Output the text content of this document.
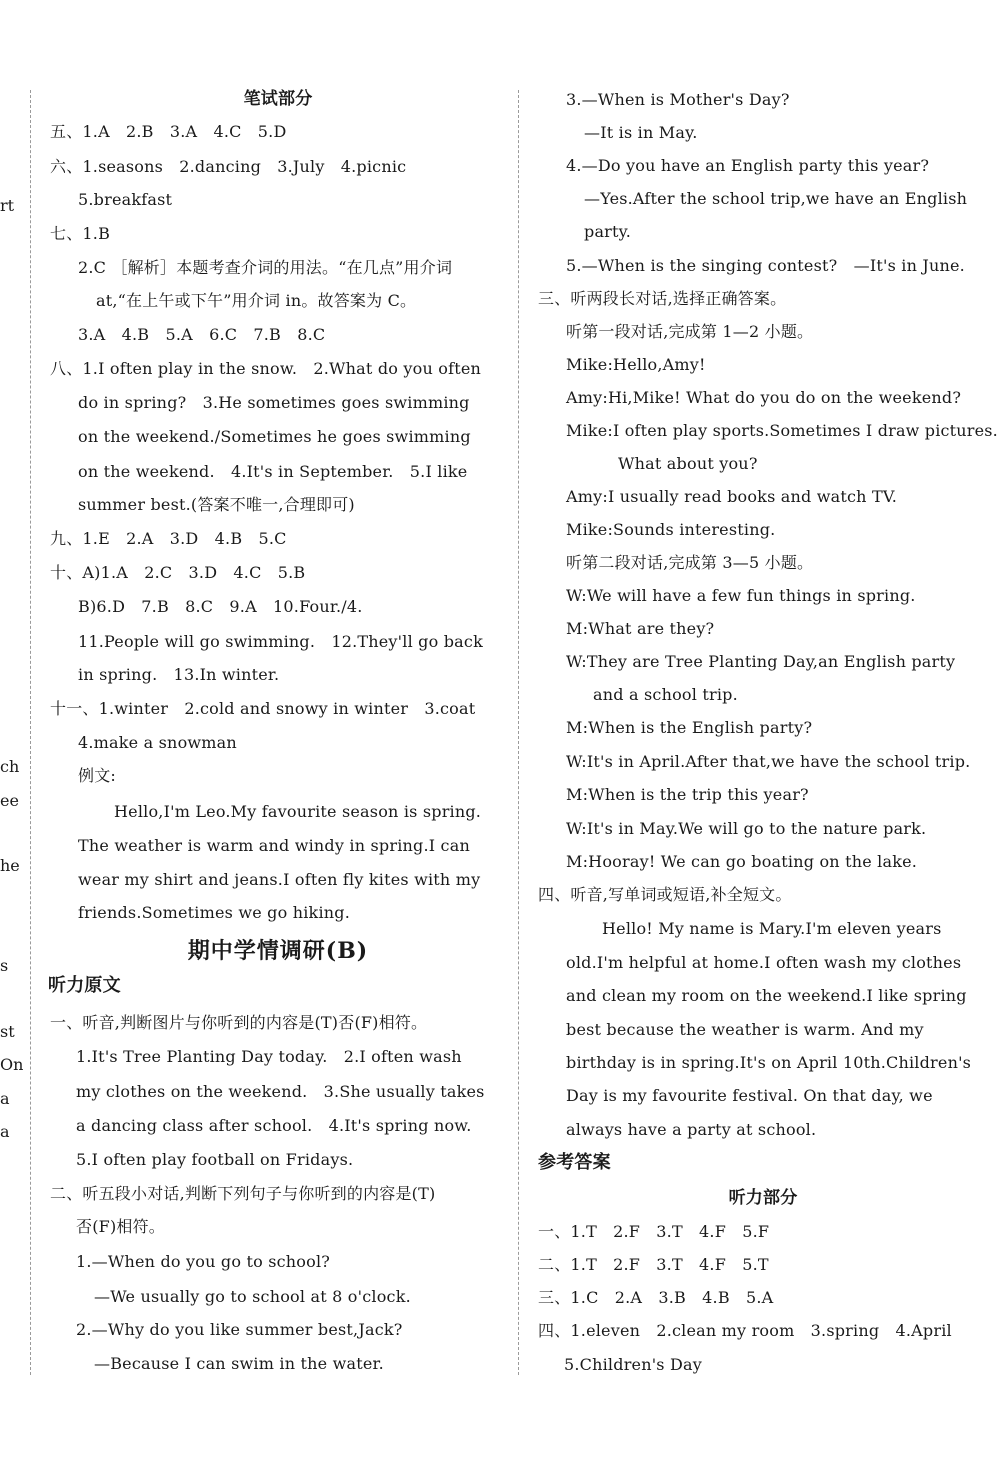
rt
ch
ee
he
s
st
On
a
a
笔试部分
五、1.A　2.B　3.A　4.C　5.D
六、1.seasons　2.dancing　3.July　4.picnic
5.breakfast
七、1.B
2.C ［解析］本题考查介词的用法。“在几点”用介词
at,“在上午或下午”用介词 in。故答案为 C。
3.A　4.B　5.A　6.C　7.B　8.C
八、1.I often play in the snow.　2.What do you often
do in spring?　3.He sometimes goes swimming
on the weekend./Sometimes he goes swimming
on the weekend.　4.It's in September.　5.I like
summer best.(答案不唯一,合理即可)
九、1.E　2.A　3.D　4.B　5.C
十、A)1.A　2.C　3.D　4.C　5.B
B)6.D　7.B　8.C　9.A　10.Four./4.
11.People will go swimming.　12.They'll go back
in spring.　13.In winter.
十一、1.winter　2.cold and snowy in winter　3.coat
4.make a snowman
例文:
Hello,I'm Leo.My favourite season is spring.
The weather is warm and windy in spring.I can
wear my shirt and jeans.I often fly kites with my
friends.Sometimes we go hiking.
期中学情调研(B)
听力原文
一、听音,判断图片与你听到的内容是(T)否(F)相符。
1.It's Tree Planting Day today.　2.I often wash
my clothes on the weekend.　3.She usually takes
a dancing class after school.　4.It's spring now.
5.I often play football on Fridays.
二、听五段小对话,判断下列句子与你听到的内容是(T)
否(F)相符。
1.—When do you go to school?
—We usually go to school at 8 o'clock.
2.—Why do you like summer best,Jack?
—Because I can swim in the water.
3.—When is Mother's Day?
—It is in May.
4.—Do you have an English party this year?
—Yes.After the school trip,we have an English
party.
5.—When is the singing contest?　—It's in June.
三、听两段长对话,选择正确答案。
听第一段对话,完成第 1—2 小题。
Mike:Hello,Amy!
Amy:Hi,Mike! What do you do on the weekend?
Mike:I often play sports.Sometimes I draw pictures.
What about you?
Amy:I usually read books and watch TV.
Mike:Sounds interesting.
听第二段对话,完成第 3—5 小题。
W:We will have a few fun things in spring.
M:What are they?
W:They are Tree Planting Day,an English party
and a school trip.
M:When is the English party?
W:It's in April.After that,we have the school trip.
M:When is the trip this year?
W:It's in May.We will go to the nature park.
M:Hooray! We can go boating on the lake.
四、听音,写单词或短语,补全短文。
Hello! My name is Mary.I'm eleven years
old.I'm helpful at home.I often wash my clothes
and clean my room on the weekend.I like spring
best because the weather is warm. And my
birthday is in spring.It's on April 10th.Children's
Day is my favourite festival. On that day, we
always have a party at school.
参考答案
听力部分
一、1.T　2.F　3.T　4.F　5.F
二、1.T　2.F　3.T　4.F　5.T
三、1.C　2.A　3.B　4.B　5.A
四、1.eleven　2.clean my room　3.spring　4.April
5.Children's Day
